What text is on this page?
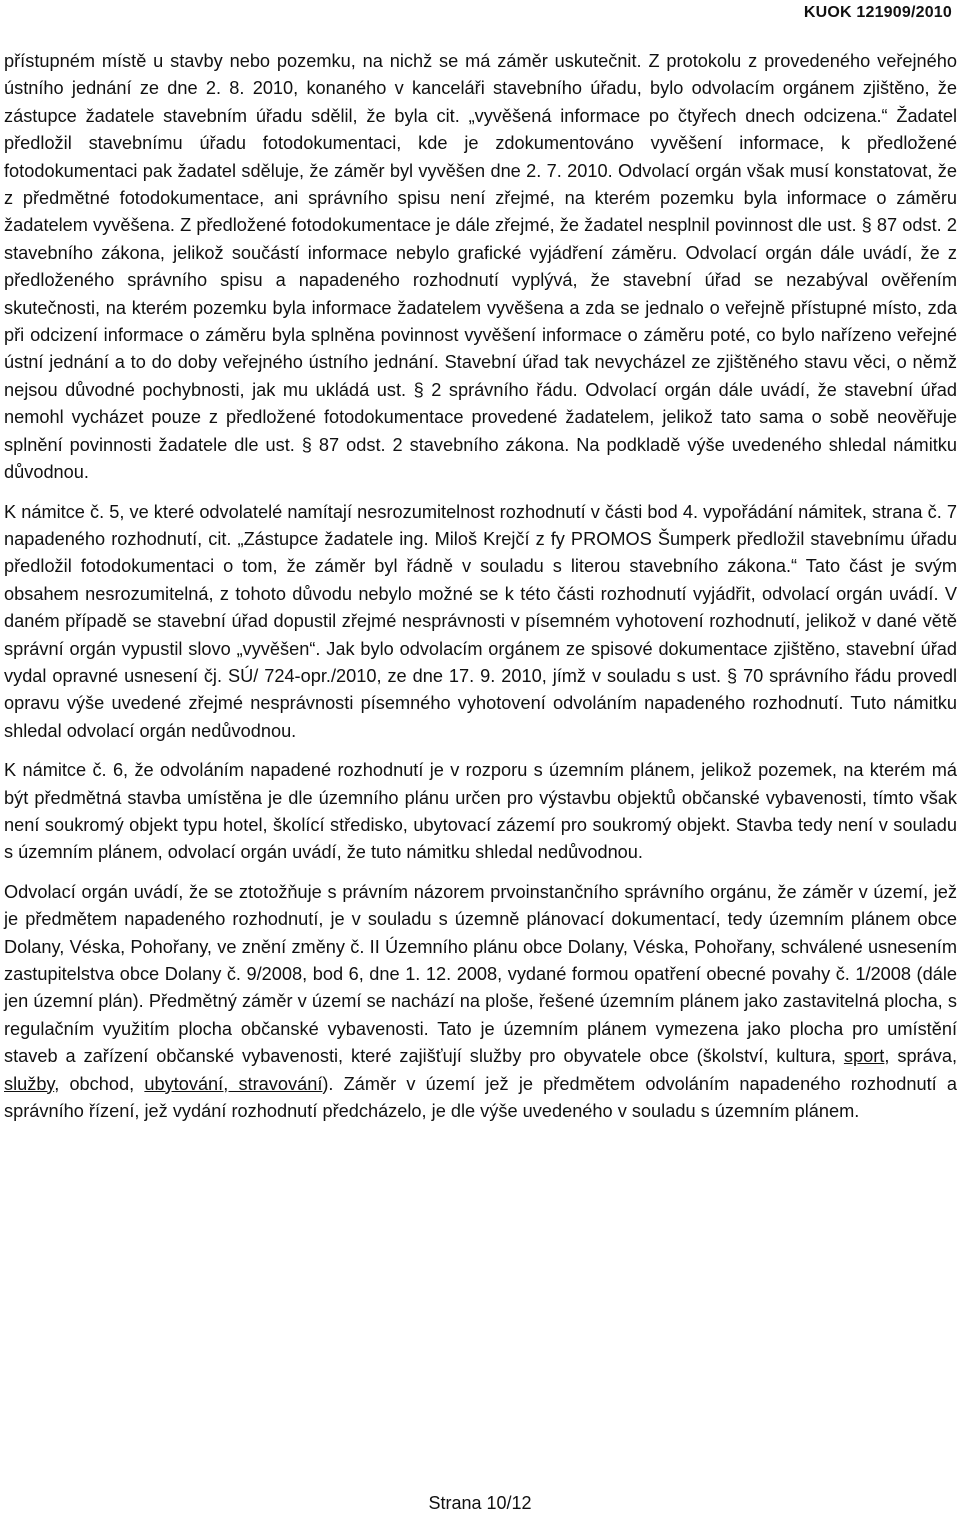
KUOK 121909/2010

přístupném místě u stavby nebo pozemku, na nichž se má záměr uskutečnit. Z protokolu z provedeného veřejného ústního jednání ze dne 2. 8. 2010, konaného v kanceláři stavebního úřadu, bylo odvolacím orgánem zjištěno, že zástupce žadatele stavebním úřadu sdělil, že byla cit. „vyvěšená informace po čtyřech dnech odcizena.“ Žadatel předložil stavebnímu úřadu fotodokumentaci, kde je zdokumentováno vyvěšení informace, k předložené fotodokumentaci pak žadatel sděluje, že záměr byl vyvěšen dne 2. 7. 2010. Odvolací orgán však musí konstatovat, že z předmětné fotodokumentace, ani správního spisu není zřejmé, na kterém pozemku byla informace o záměru žadatelem vyvěšena. Z předložené fotodokumentace je dále zřejmé, že žadatel nesplnil povinnost dle ust. § 87 odst. 2 stavebního zákona, jelikož součástí informace nebylo grafické vyjádření záměru. Odvolací orgán dále uvádí, že z předloženého správního spisu a napadeného rozhodnutí vyplývá, že stavební úřad se nezabýval ověřením skutečnosti, na kterém pozemku byla informace žadatelem vyvěšena a zda se jednalo o veřejně přístupné místo, zda při odcizení informace o záměru byla splněna povinnost vyvěšení informace o záměru poté, co bylo nařízeno veřejné ústní jednání a to do doby veřejného ústního jednání. Stavební úřad tak nevycházel ze zjištěného stavu věci, o němž nejsou důvodné pochybnosti, jak mu ukládá ust. § 2 správního řádu. Odvolací orgán dále uvádí, že stavební úřad nemohl vycházet pouze z předložené fotodokumentace provedené žadatelem, jelikož tato sama o sobě neověřuje splnění povinnosti žadatele dle ust. § 87 odst. 2 stavebního zákona. Na podkladě výše uvedeného shledal námitku důvodnou.

K námitce č. 5, ve které odvolatelé namítají nesrozumitelnost rozhodnutí v části bod 4. vypořádání námitek, strana č. 7 napadeného rozhodnutí, cit. „Zástupce žadatele ing. Miloš Krejčí z fy PROMOS Šumperk předložil stavebnímu úřadu předložil fotodokumentaci o tom, že záměr byl řádně v souladu s literou stavebního zákona.“ Tato část je svým obsahem nesrozumitelná, z tohoto důvodu nebylo možné se k této části rozhodnutí vyjádřit, odvolací orgán uvádí. V daném případě se stavební úřad dopustil zřejmé nesprávnosti v písemném vyhotovení rozhodnutí, jelikož v dané větě správní orgán vypustil slovo „vyvěšen“. Jak bylo odvolacím orgánem ze spisové dokumentace zjištěno, stavební úřad vydal opravné usnesení čj. SÚ/ 724-opr./2010, ze dne 17. 9. 2010, jímž v souladu s ust. § 70 správního řádu provedl opravu výše uvedené zřejmé nesprávnosti písemného vyhotovení odvoláním napadeného rozhodnutí. Tuto námitku shledal odvolací orgán nedůvodnou.

K námitce č. 6, že odvoláním napadené rozhodnutí je v rozporu s územním plánem, jelikož pozemek, na kterém má být předmětná stavba umístěna je dle územního plánu určen pro výstavbu objektů občanské vybavenosti, tímto však není soukromý objekt typu hotel, školící středisko, ubytovací zázemí pro soukromý objekt. Stavba tedy není v souladu s územním plánem, odvolací orgán uvádí, že tuto námitku shledal nedůvodnou.

Odvolací orgán uvádí, že se ztotožňuje s právním názorem prvoinstančního správního orgánu, že záměr v území, jež je předmětem napadeného rozhodnutí, je v souladu s územně plánovací dokumentací, tedy územním plánem obce Dolany, Véska, Pohořany, ve znění změny č. II Územního plánu obce Dolany, Véska, Pohořany, schválené usnesením zastupitelstva obce Dolany č. 9/2008, bod 6, dne 1. 12. 2008, vydané formou opatření obecné povahy č. 1/2008 (dále jen územní plán). Předmětný záměr v území se nachází na ploše, řešené územním plánem jako zastavitelná plocha, s regulačním využitím plocha občanské vybavenosti. Tato je územním plánem vymezena jako plocha pro umístění staveb a zařízení občanské vybavenosti, které zajišťují služby pro obyvatele obce (školství, kultura, sport, správa, služby, obchod, ubytování, stravování). Záměr v území jež je předmětem odvoláním napadeného rozhodnutí a správního řízení, jež vydání rozhodnutí předcházelo, je dle výše uvedeného v souladu s územním plánem.

Strana 10/12
